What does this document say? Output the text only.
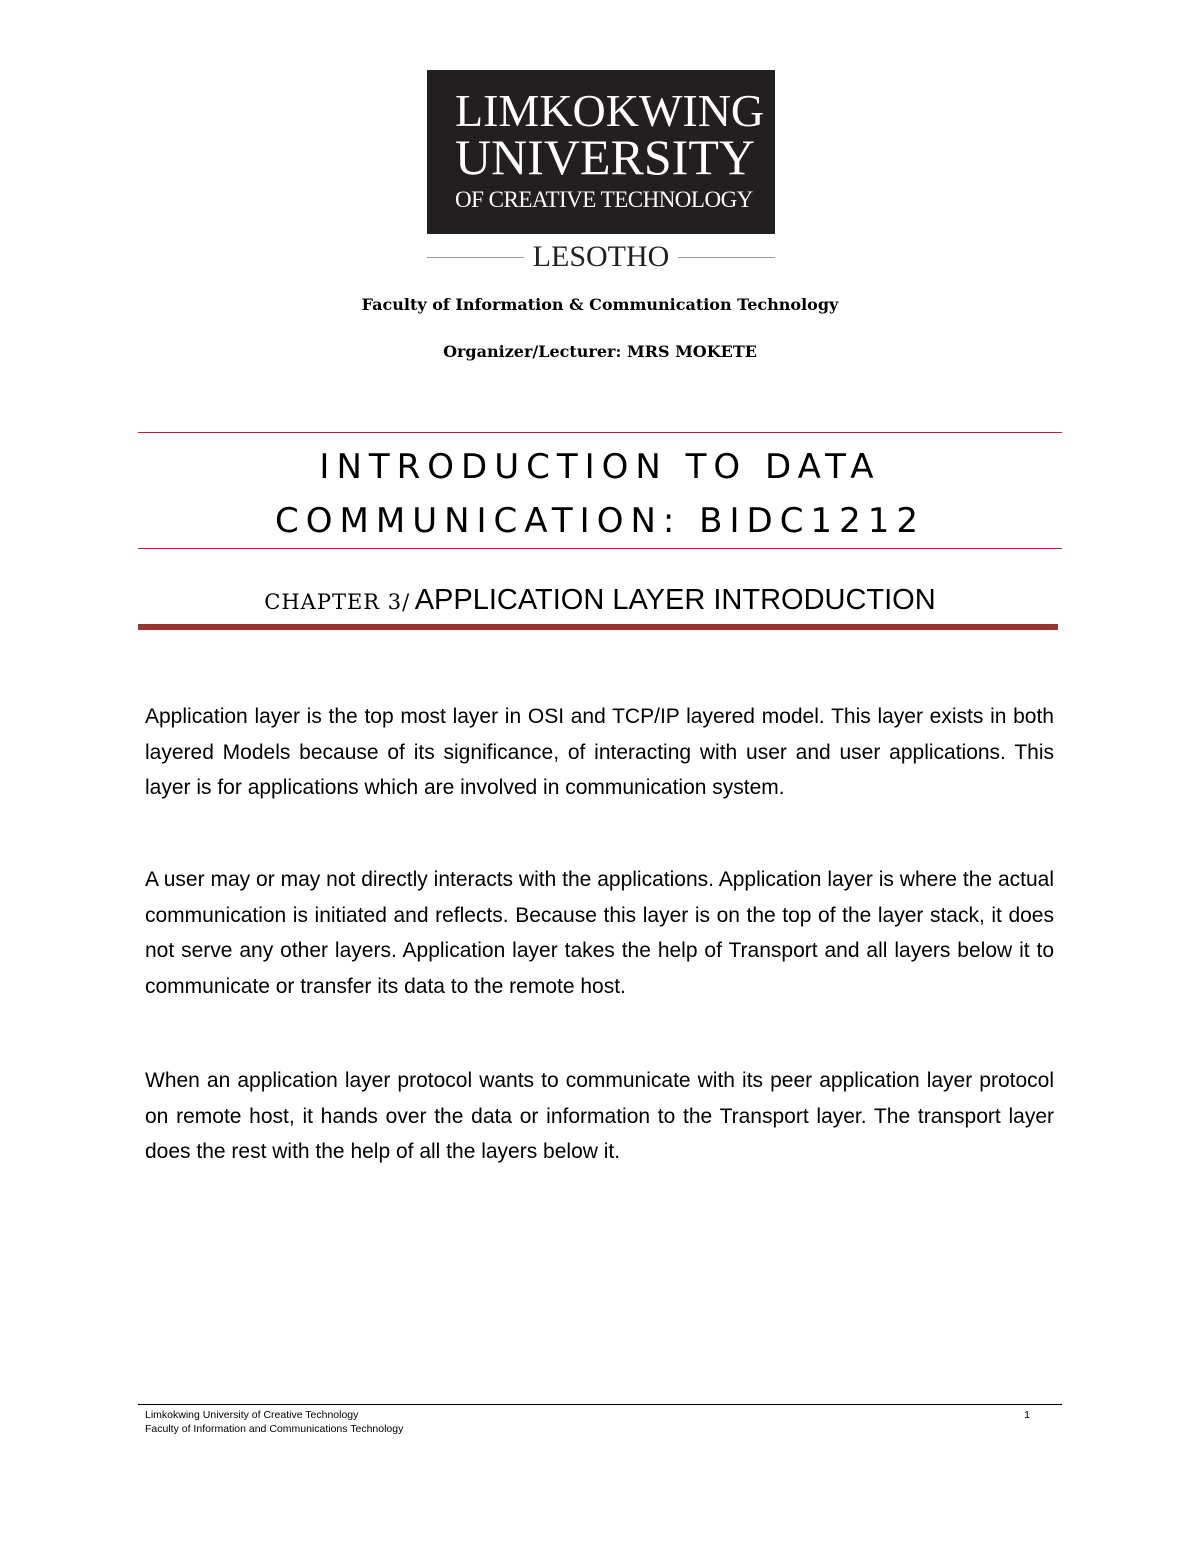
LIMKOKWING
UNIVERSITY
OF CREATIVE TECHNOLOGY
LESOTHO
Faculty of Information & Communication Technology
Organizer/Lecturer: MRS MOKETE
INTRODUCTION TO DATA
COMMUNICATION: BIDC1212
CHAPTER 3/ APPLICATION LAYER INTRODUCTION

Application layer is the top most layer in OSI and TCP/IP layered model. This layer exists in both layered Models because of its significance, of interacting with user and user applications. This layer is for applications which are involved in communication system.

A user may or may not directly interacts with the applications. Application layer is where the actual communication is initiated and reflects. Because this layer is on the top of the layer stack, it does not serve any other layers. Application layer takes the help of Transport and all layers below it to communicate or transfer its data to the remote host.

When an application layer protocol wants to communicate with its peer application layer protocol on remote host, it hands over the data or information to the Transport layer. The transport layer does the rest with the help of all the layers below it.

Limkokwing University of Creative Technology	1
Faculty of Information and Communications Technology
